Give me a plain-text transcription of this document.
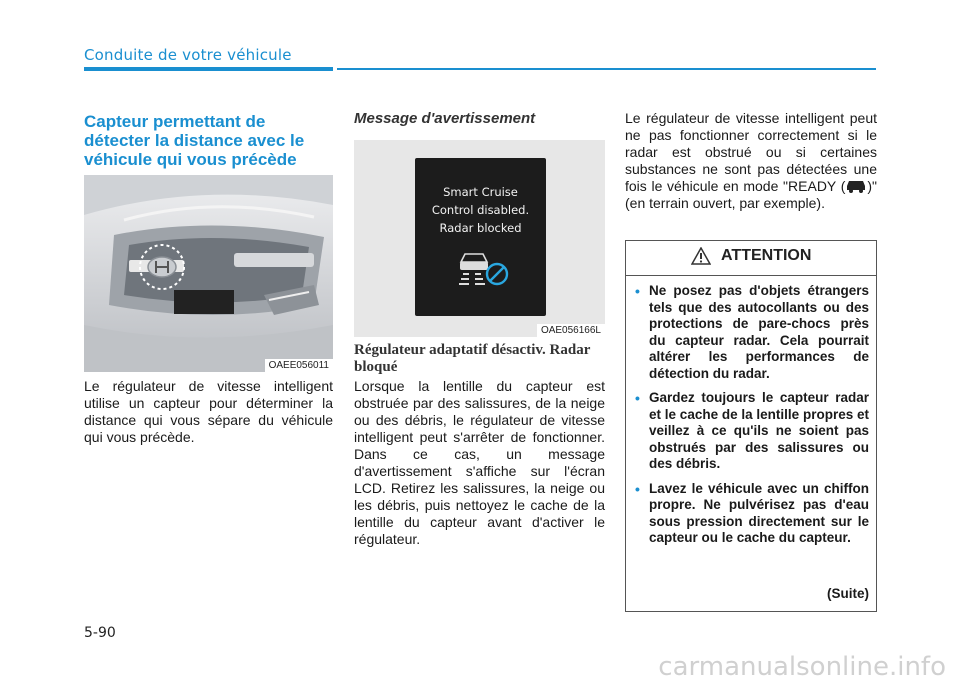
Conduite de votre véhicule
Capteur permettant de détecter la distance avec le véhicule qui vous précède
OAEE056011
Le régulateur de vitesse intelligent utilise un capteur pour déterminer la distance qui vous sépare du véhicule qui vous précède.
Message d'avertissement
Smart Cruise
Control disabled.
Radar blocked
OAE056166L
Régulateur adaptatif désactiv. Radar bloqué
Lorsque la lentille du capteur est obstruée par des salissures, de la neige ou des débris, le régulateur de vitesse intelligent peut s'arrêter de fonctionner. Dans ce cas, un message d'avertissement s'affiche sur l'écran LCD. Retirez les salissures, la neige ou les débris, puis nettoyez le cache de la lentille du capteur avant d'activer le régulateur.
Le régulateur de vitesse intelligent peut ne pas fonctionner correctement si le radar est obstrué ou si certaines substances ne sont pas détectées une fois le véhicule en mode "READY ( )" (en terrain ouvert, par exemple).
ATTENTION
• Ne posez pas d'objets étrangers tels que des autocollants ou des protections de pare-chocs près du capteur radar. Cela pourrait altérer les performances de détection du radar.
• Gardez toujours le capteur radar et le cache de la lentille propres et veillez à ce qu'ils ne soient pas obstrués par des salissures ou des débris.
• Lavez le véhicule avec un chiffon propre. Ne pulvérisez pas d'eau sous pression directement sur le capteur ou le cache du capteur.
(Suite)
5-90
carmanualsonline.info
